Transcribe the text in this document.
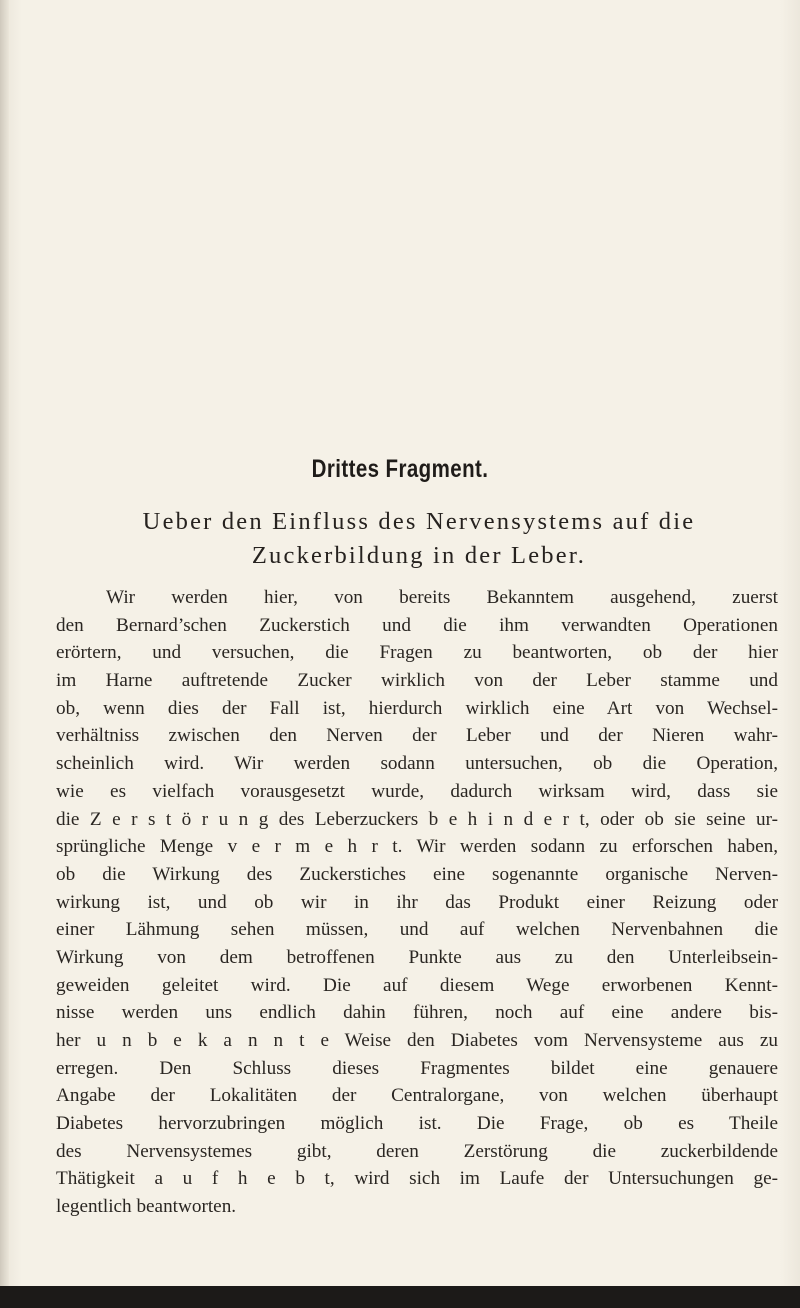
Drittes Fragment.
Ueber den Einfluss des Nervensystems auf die
Zuckerbildung in der Leber.
Wir werden hier, von bereits Bekanntem ausgehend, zuerst
den Bernard’schen Zuckerstich und die ihm verwandten Operationen
erörtern, und versuchen, die Fragen zu beantworten, ob der hier
im Harne auftretende Zucker wirklich von der Leber stamme und
ob, wenn dies der Fall ist, hierdurch wirklich eine Art von Wechsel-
verhältniss zwischen den Nerven der Leber und der Nieren wahr-
scheinlich wird. Wir werden sodann untersuchen, ob die Operation,
wie es vielfach vorausgesetzt wurde, dadurch wirksam wird, dass sie
die Z e r s t ö r u n g des Leberzuckers b e h i n d e r t, oder ob sie seine ur-
sprüngliche Menge v e r m e h r t. Wir werden sodann zu erforschen haben,
ob die Wirkung des Zuckerstiches eine sogenannte organische Nerven-
wirkung ist, und ob wir in ihr das Produkt einer Reizung oder
einer Lähmung sehen müssen, und auf welchen Nervenbahnen die
Wirkung von dem betroffenen Punkte aus zu den Unterleibsein-
geweiden geleitet wird. Die auf diesem Wege erworbenen Kennt-
nisse werden uns endlich dahin führen, noch auf eine andere bis-
her u n b e k a n n t e Weise den Diabetes vom Nervensysteme aus zu
erregen. Den Schluss dieses Fragmentes bildet eine genauere
Angabe der Lokalitäten der Centralorgane, von welchen überhaupt
Diabetes hervorzubringen möglich ist. Die Frage, ob es Theile
des Nervensystemes gibt, deren Zerstörung die zuckerbildende
Thätigkeit a u f h e b t, wird sich im Laufe der Untersuchungen ge-
legentlich beantworten.
